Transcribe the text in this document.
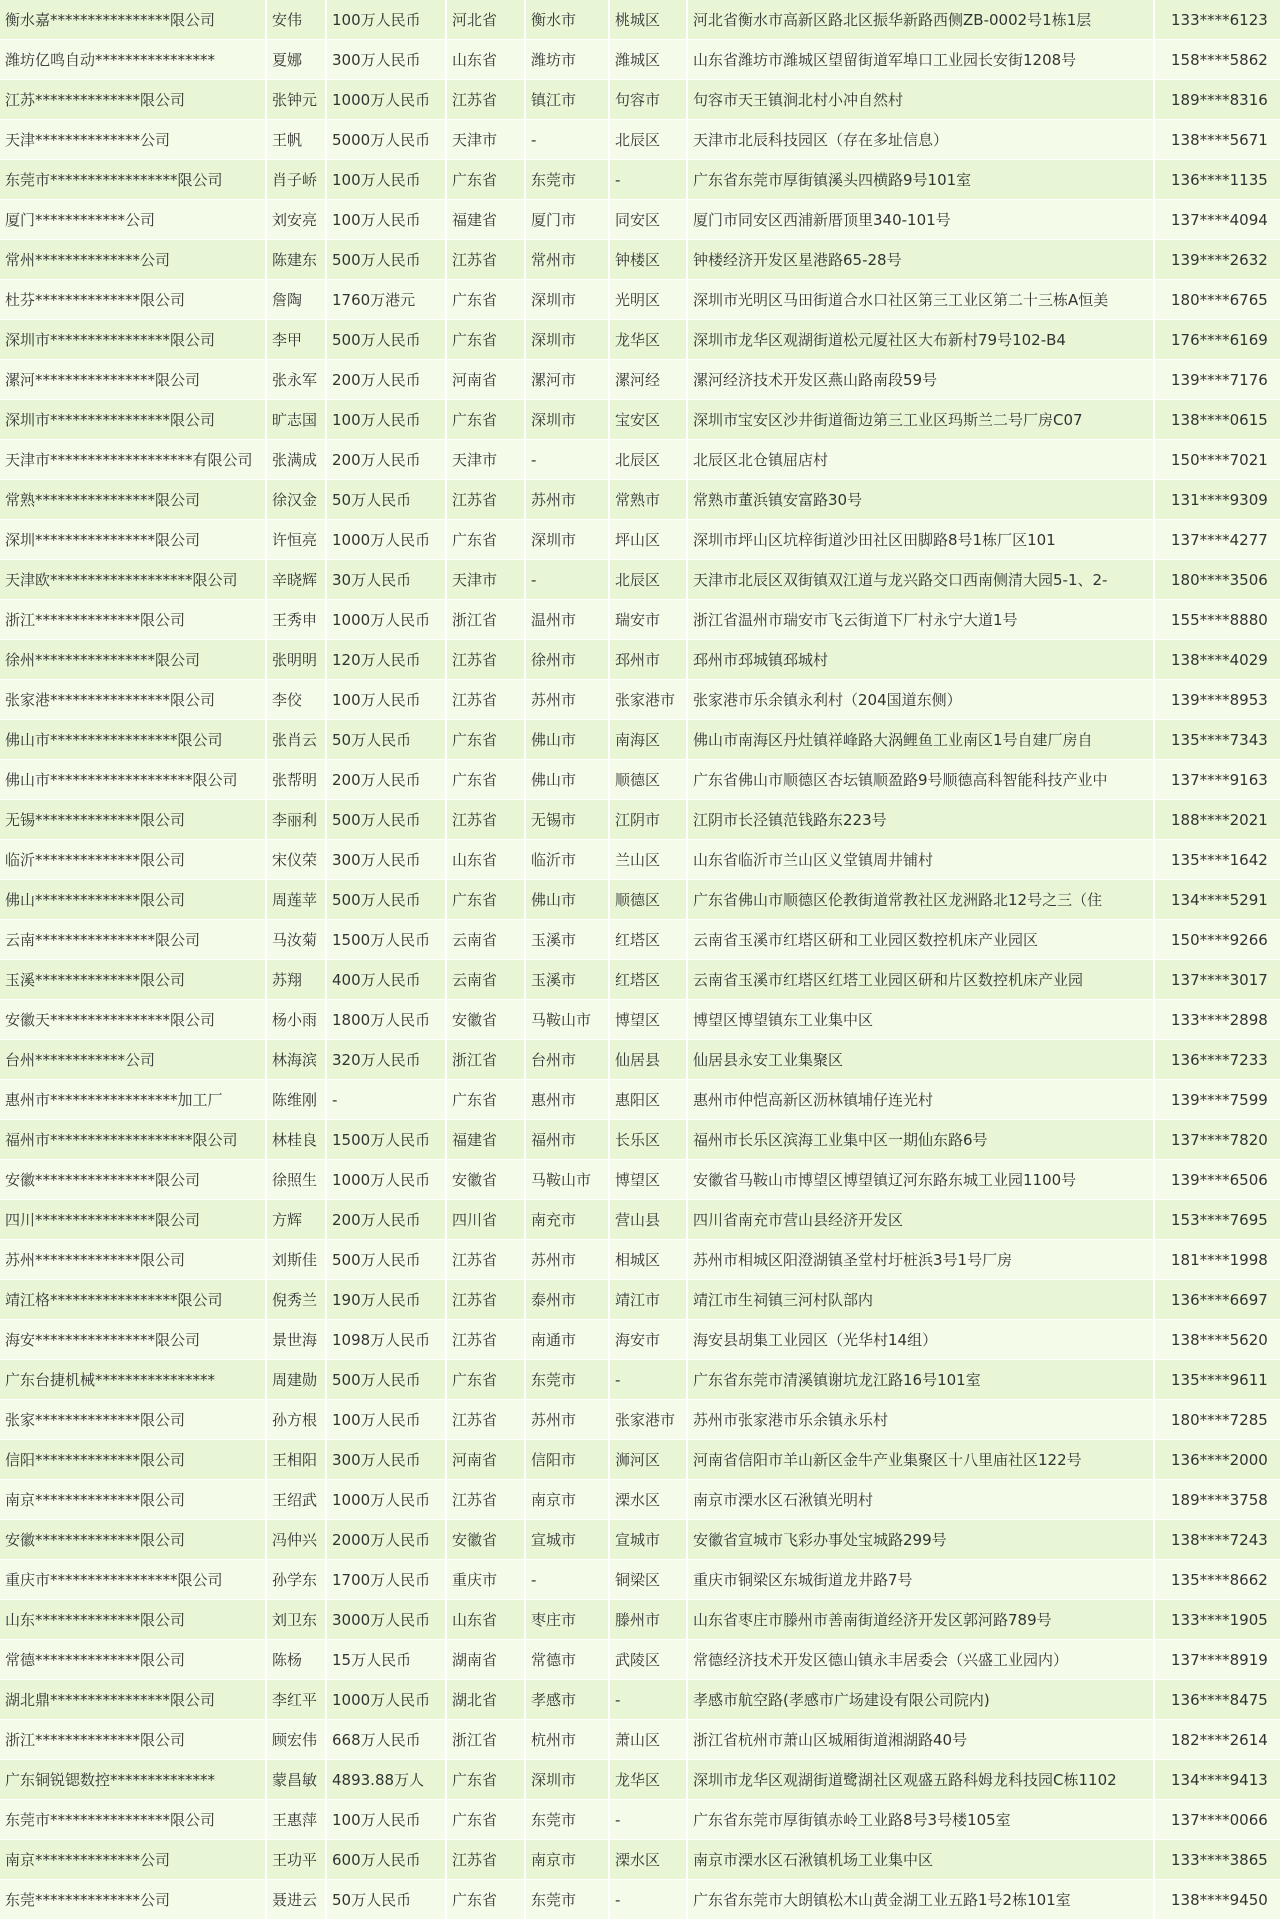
衡水嘉****************限公司	安伟	100万人民币	河北省	衡水市	桃城区	河北省衡水市高新区路北区振华新路西侧ZB-0002号1栋1层	133****6123
潍坊亿鸣自动****************	夏娜	300万人民币	山东省	潍坊市	潍城区	山东省潍坊市潍城区望留街道军埠口工业园长安街1208号	158****5862
江苏**************限公司	张钟元 1000万人民币	江苏省	镇江市	句容市	句容市天王镇涧北村小冲自然村	189****8316
天津**************公司	王帆	5000万人民币	天津市	-	北辰区	天津市北辰科技园区（存在多址信息）	138****5671
东莞市*****************限公司	肖子峤 100万人民币	广东省	东莞市	-	广东省东莞市厚街镇溪头四横路9号101室	136****1135
厦门************公司	刘安亮 100万人民币	福建省	厦门市	同安区	厦门市同安区西浦新厝顶里340-101号	137****4094
常州**************公司	陈建东 500万人民币	江苏省	常州市	钟楼区	钟楼经济开发区星港路65-28号	139****2632
杜芬**************限公司	詹陶	1760万港元	广东省	深圳市	光明区	深圳市光明区马田街道合水口社区第三工业区第二十三栋A恒美	180****6765
深圳市****************限公司	李甲	500万人民币	广东省	深圳市	龙华区	深圳市龙华区观湖街道松元厦社区大布新村79号102-B4	176****6169
漯河****************限公司	张永军 200万人民币	河南省	漯河市	漯河经	漯河经济技术开发区燕山路南段59号	139****7176
深圳市****************限公司	旷志国 100万人民币	广东省	深圳市	宝安区	深圳市宝安区沙井街道衙边第三工业区玛斯兰二号厂房C07	138****0615
天津市*******************有限公司	张满成 200万人民币	天津市	-	北辰区	北辰区北仓镇屈店村	150****7021
常熟****************限公司	徐汉金 50万人民币	江苏省	苏州市	常熟市	常熟市董浜镇安富路30号	131****9309
深圳****************限公司	许恒亮 1000万人民币	广东省	深圳市	坪山区	深圳市坪山区坑梓街道沙田社区田脚路8号1栋厂区101	137****4277
天津欧*******************限公司	辛晓辉 30万人民币	天津市	-	北辰区	天津市北辰区双街镇双江道与龙兴路交口西南侧清大园5-1、2-	180****3506
浙江**************限公司	王秀申 1000万人民币	浙江省	温州市	瑞安市	浙江省温州市瑞安市飞云街道下厂村永宁大道1号	155****8880
徐州****************限公司	张明明 120万人民币	江苏省	徐州市	邳州市	邳州市邳城镇邳城村	138****4029
张家港****************限公司	李佼	100万人民币	江苏省	苏州市	张家港市	张家港市乐余镇永利村（204国道东侧）	139****8953
佛山市*****************限公司	张肖云 50万人民币	广东省	佛山市	南海区	佛山市南海区丹灶镇祥峰路大涡鲤鱼工业南区1号自建厂房自	135****7343
佛山市*******************限公司	张帮明 200万人民币	广东省	佛山市	顺德区	广东省佛山市顺德区杏坛镇顺盈路9号顺德高科智能科技产业中	137****9163
无锡**************限公司	李丽利 500万人民币	江苏省	无锡市	江阴市	江阴市长泾镇范钱路东223号	188****2021
临沂**************限公司	宋仪荣 300万人民币	山东省	临沂市	兰山区	山东省临沂市兰山区义堂镇周井铺村	135****1642
佛山**************限公司	周莲苹 500万人民币	广东省	佛山市	顺德区	广东省佛山市顺德区伦教街道常教社区龙洲路北12号之三（住	134****5291
云南****************限公司	马汝菊 1500万人民币	云南省	玉溪市	红塔区	云南省玉溪市红塔区研和工业园区数控机床产业园区	150****9266
玉溪**************限公司	苏翔	400万人民币	云南省	玉溪市	红塔区	云南省玉溪市红塔区红塔工业园区研和片区数控机床产业园	137****3017
安徽天****************限公司	杨小雨 1800万人民币	安徽省	马鞍山市	博望区	博望区博望镇东工业集中区	133****2898
台州************公司	林海滨 320万人民币	浙江省	台州市	仙居县	仙居县永安工业集聚区	136****7233
惠州市*****************加工厂	陈维刚 -	广东省	惠州市	惠阳区	惠州市仲恺高新区沥林镇埔仔连光村	139****7599
福州市*******************限公司	林桂良 1500万人民币	福建省	福州市	长乐区	福州市长乐区滨海工业集中区一期仙东路6号	137****7820
安徽****************限公司	徐照生 1000万人民币	安徽省	马鞍山市	博望区	安徽省马鞍山市博望区博望镇辽河东路东城工业园1100号	139****6506
四川****************限公司	方辉	200万人民币	四川省	南充市	营山县	四川省南充市营山县经济开发区	153****7695
苏州**************限公司	刘斯佳 500万人民币	江苏省	苏州市	相城区	苏州市相城区阳澄湖镇圣堂村圩桩浜3号1号厂房	181****1998
靖江格*****************限公司	倪秀兰 190万人民币	江苏省	泰州市	靖江市	靖江市生祠镇三河村队部内	136****6697
海安****************限公司	景世海 1098万人民币	江苏省	南通市	海安市	海安县胡集工业园区（光华村14组）	138****5620
广东台捷机械****************	周建勋 500万人民币	广东省	东莞市	-	广东省东莞市清溪镇谢坑龙江路16号101室	135****9611
张家**************限公司	孙方根 100万人民币	江苏省	苏州市	张家港市	苏州市张家港市乐余镇永乐村	180****7285
信阳**************限公司	王相阳 300万人民币	河南省	信阳市	浉河区	河南省信阳市羊山新区金牛产业集聚区十八里庙社区122号	136****2000
南京**************限公司	王绍武 1000万人民币	江苏省	南京市	溧水区	南京市溧水区石湫镇光明村	189****3758
安徽**************限公司	冯仲兴 2000万人民币	安徽省	宣城市	宣城市	安徽省宣城市飞彩办事处宝城路299号	138****7243
重庆市*****************限公司	孙学东 1700万人民币	重庆市	-	铜梁区	重庆市铜梁区东城街道龙井路7号	135****8662
山东**************限公司	刘卫东 3000万人民币	山东省	枣庄市	滕州市	山东省枣庄市滕州市善南街道经济开发区郭河路789号	133****1905
常德**************限公司	陈杨	15万人民币	湖南省	常德市	武陵区	常德经济技术开发区德山镇永丰居委会（兴盛工业园内）	137****8919
湖北鼎****************限公司	李红平 1000万人民币	湖北省	孝感市	-	孝感市航空路(孝感市广场建设有限公司院内)	136****8475
浙江**************限公司	顾宏伟 668万人民币	浙江省	杭州市	萧山区	浙江省杭州市萧山区城厢街道湘湖路40号	182****2614
广东铜锐锶数控**************	蒙昌敏 4893.88万人	广东省	深圳市	龙华区	深圳市龙华区观湖街道鹭湖社区观盛五路科姆龙科技园C栋1102	134****9413
东莞市****************限公司	王惠萍 100万人民币	广东省	东莞市	-	广东省东莞市厚街镇赤岭工业路8号3号楼105室	137****0066
南京**************公司	王功平 600万人民币	江苏省	南京市	溧水区	南京市溧水区石湫镇机场工业集中区	133****3865
东莞**************公司	聂进云 50万人民币	广东省	东莞市	-	广东省东莞市大朗镇松木山黄金湖工业五路1号2栋101室	138****9450
